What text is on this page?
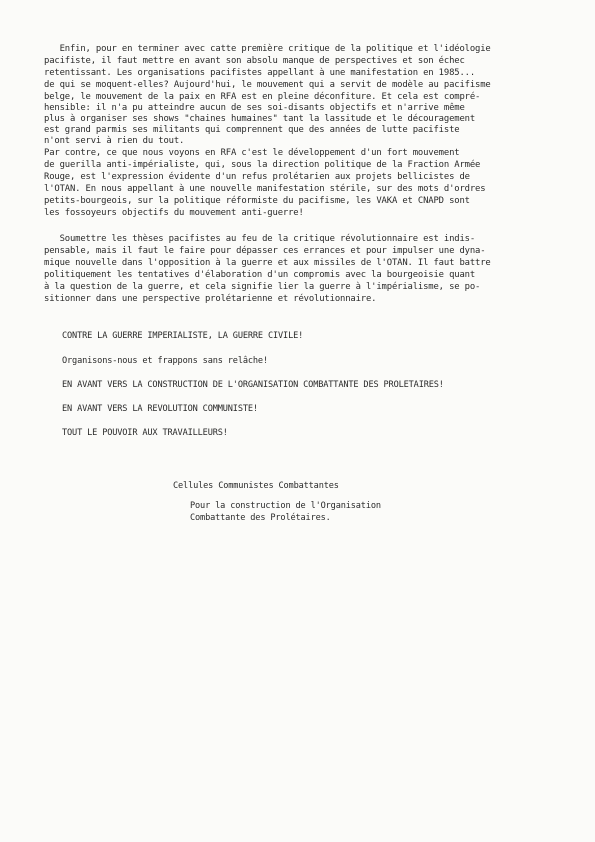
Enfin, pour en terminer avec catte première critique de la politique et l'idéologie
pacifiste, il faut mettre en avant son absolu manque de perspectives et son échec
retentissant. Les organisations pacifistes appellant à une manifestation en 1985...
de qui se moquent-elles? Aujourd'hui, le mouvement qui a servit de modèle au pacifisme
belge, le mouvement de la paix en RFA est en pleine déconfiture. Et cela est compré-
hensible: il n'a pu atteindre aucun de ses soi-disants objectifs et n'arrive même
plus à organiser ses shows "chaines humaines" tant la lassitude et le découragement
est grand parmis ses militants qui comprennent que des années de lutte pacifiste
n'ont servi à rien du tout.
Par contre, ce que nous voyons en RFA c'est le développement d'un fort mouvement
de guerilla anti-impérialiste, qui, sous la direction politique de la Fraction Armée
Rouge, est l'expression évidente d'un refus prolétarien aux projets bellicistes de
l'OTAN. En nous appellant à une nouvelle manifestation stérile, sur des mots d'ordres
petits-bourgeois, sur la politique réformiste du pacifisme, les VAKA et CNAPD sont
les fossoyeurs objectifs du mouvement anti-guerre!
Soumettre les thèses pacifistes au feu de la critique révolutionnaire est indis-
pensable, mais il faut le faire pour dépasser ces errances et pour impulser une dyna-
mique nouvelle dans l'opposition à la guerre et aux missiles de l'OTAN. Il faut battre
politiquement les tentatives d'élaboration d'un compromis avec la bourgeoisie quant
à la question de la guerre, et cela signifie lier la guerre à l'impérialisme, se po-
sitionner dans une perspective prolétarienne et révolutionnaire.
CONTRE LA GUERRE IMPERIALISTE, LA GUERRE CIVILE!
Organisons-nous et frappons sans relâche!
EN AVANT VERS LA CONSTRUCTION DE L'ORGANISATION COMBATTANTE DES PROLETAIRES!
EN AVANT VERS LA REVOLUTION COMMUNISTE!
TOUT LE POUVOIR AUX TRAVAILLEURS!
Cellules Communistes Combattantes
Pour la construction de l'Organisation
Combattante des Prolétaires.
